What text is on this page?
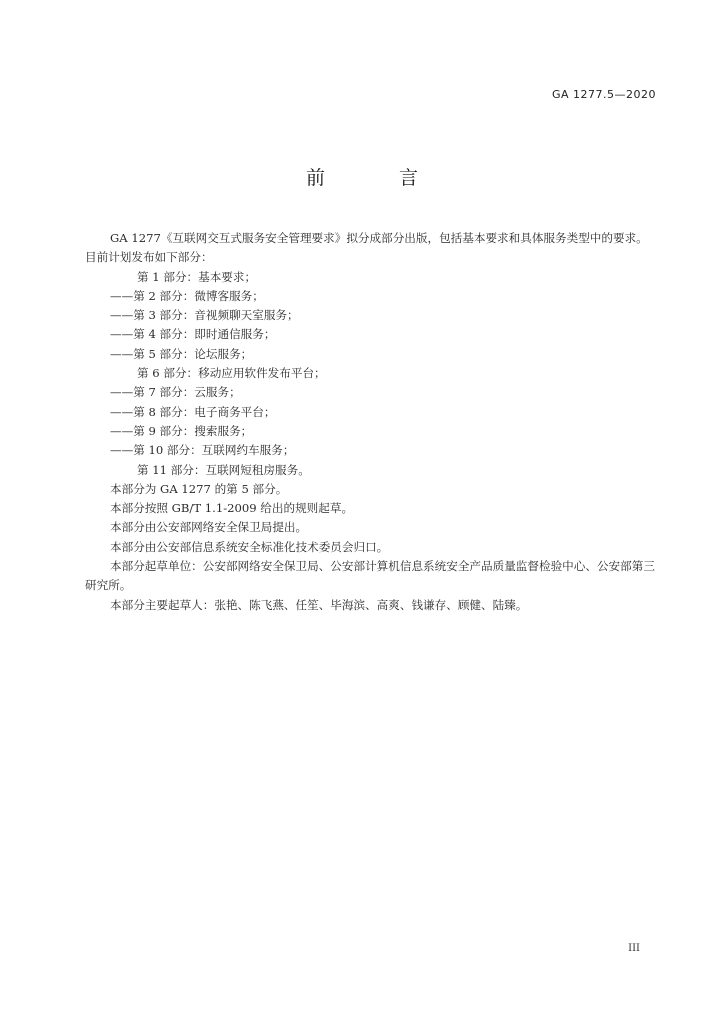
GA 1277.5—2020
前 言

GA 1277《互联网交互式服务安全管理要求》拟分成部分出版，包括基本要求和具体服务类型中的要求。目前计划发布如下部分：

第 1 部分：基本要求；

——第 2 部分：微博客服务；

——第 3 部分：音视频聊天室服务；

——第 4 部分：即时通信服务；

——第 5 部分：论坛服务；

第 6 部分：移动应用软件发布平台；

——第 7 部分：云服务；

——第 8 部分：电子商务平台；

——第 9 部分：搜索服务；

——第 10 部分：互联网约车服务；

第 11 部分：互联网短租房服务。

本部分为 GA 1277 的第 5 部分。

本部分按照 GB/T 1.1-2009 给出的规则起草。

本部分由公安部网络安全保卫局提出。

本部分由公安部信息系统安全标准化技术委员会归口。

本部分起草单位：公安部网络安全保卫局、公安部计算机信息系统安全产品质量监督检验中心、公安部第三研究所。

本部分主要起草人：张艳、陈飞燕、任笙、毕海滨、高爽、钱谦存、顾健、陆臻。

III
